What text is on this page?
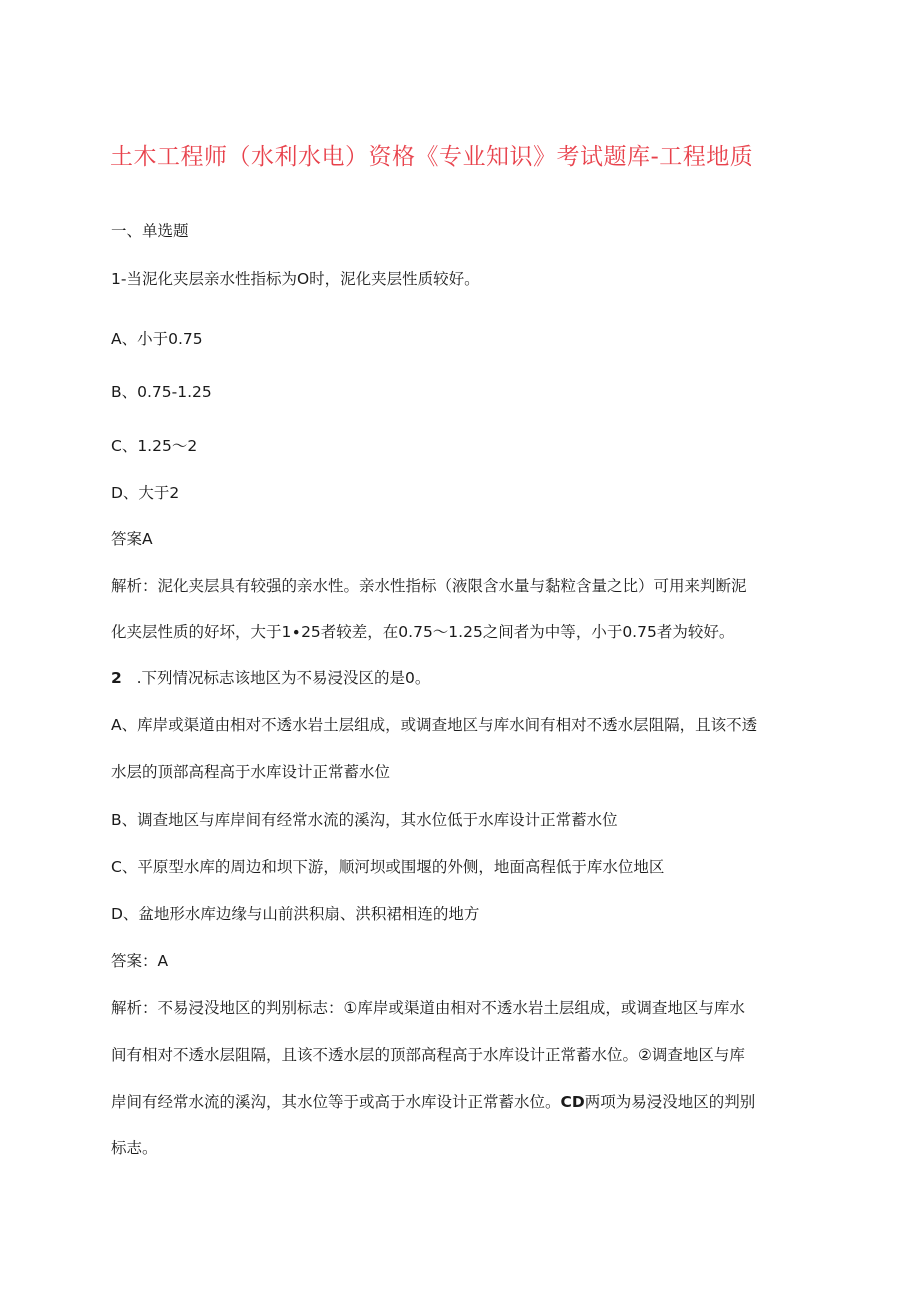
土木工程师（水利水电）资格《专业知识》考试题库-工程地质
一、单选题
1-当泥化夹层亲水性指标为O时，泥化夹层性质较好。
A、小于0.75
B、0.75-1.25
C、1.25〜2
D、大于2
答案A
解析：泥化夹层具有较强的亲水性。亲水性指标（液限含水量与黏粒含量之比）可用来判断泥
化夹层性质的好坏，大于1∙25者较差，在0.75〜1.25之间者为中等，小于0.75者为较好。
2 .下列情况标志该地区为不易浸没区的是0。
A、库岸或渠道由相对不透水岩土层组成，或调查地区与库水间有相对不透水层阻隔，且该不透
水层的顶部高程高于水库设计正常蓄水位
B、调查地区与库岸间有经常水流的溪沟，其水位低于水库设计正常蓄水位
C、平原型水库的周边和坝下游，顺河坝或围堰的外侧，地面高程低于库水位地区
D、盆地形水库边缘与山前洪积扇、洪积裙相连的地方
答案：A
解析：不易浸没地区的判别标志：①库岸或渠道由相对不透水岩土层组成，或调查地区与库水
间有相对不透水层阻隔，且该不透水层的顶部高程高于水库设计正常蓄水位。②调查地区与库
岸间有经常水流的溪沟，其水位等于或高于水库设计正常蓄水位。CD两项为易浸没地区的判别
标志。
